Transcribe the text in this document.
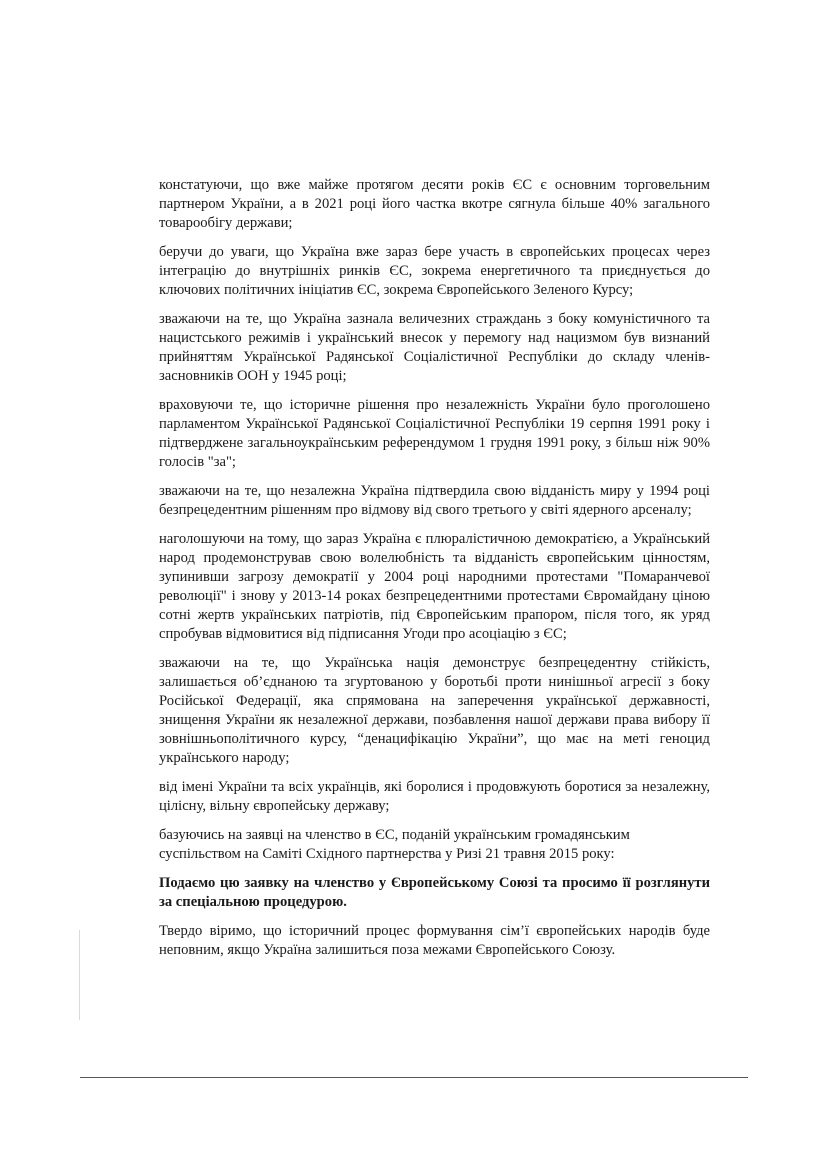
констатуючи, що вже майже протягом десяти років ЄС є основним торговельним партнером України, а в 2021 році його частка вкотре сягнула більше 40% загального товарообігу держави;

беручи до уваги, що Україна вже зараз бере участь в європейських процесах через інтеграцію до внутрішніх ринків ЄС, зокрема енергетичного та приєднується до ключових політичних ініціатив ЄС, зокрема Європейського Зеленого Курсу;

зважаючи на те, що Україна зазнала величезних страждань з боку комуністичного та нацистського режимів і український внесок у перемогу над нацизмом був визнаний прийняттям Української Радянської Соціалістичної Республіки до складу членів-засновників ООН у 1945 році;

враховуючи те, що історичне рішення про незалежність України було проголошено парламентом Української Радянської Соціалістичної Республіки 19 серпня 1991 року і підтверджене загальноукраїнським референдумом 1 грудня 1991 року, з більш ніж 90% голосів "за";

зважаючи на те, що незалежна Україна підтвердила свою відданість миру у 1994 році безпрецедентним рішенням про відмову від свого третього у світі ядерного арсеналу;

наголошуючи на тому, що зараз Україна є плюралістичною демократією, а Український народ продемонстрував свою волелюбність та відданість європейським цінностям, зупинивши загрозу демократії у 2004 році народними протестами "Помаранчевої революції" і знову у 2013-14 роках безпрецедентними протестами Євромайдану ціною сотні жертв українських патріотів, під Європейським прапором, після того, як уряд спробував відмовитися від підписання Угоди про асоціацію з ЄС;

зважаючи на те, що Українська нація демонструє безпрецедентну стійкість, залишається об’єднаною та згуртованою у боротьбі проти нинішньої агресії з боку Російської Федерації, яка спрямована на заперечення української державності, знищення України як незалежної держави, позбавлення нашої держави права вибору її зовнішньополітичного курсу, “денацифікацію України”, що має на меті геноцид українського народу;

від імені України та всіх українців, які боролися і продовжують боротися за незалежну, цілісну, вільну європейську державу;

базуючись на заявці на членство в ЄС, поданій українським громадянським суспільством на Саміті Східного партнерства у Ризі 21 травня 2015 року:

Подаємо цю заявку на членство у Європейському Союзі та просимо її розглянути за спеціальною процедурою.

Твердо віримо, що історичний процес формування сім’ї європейських народів буде неповним, якщо Україна залишиться поза межами Європейського Союзу.
